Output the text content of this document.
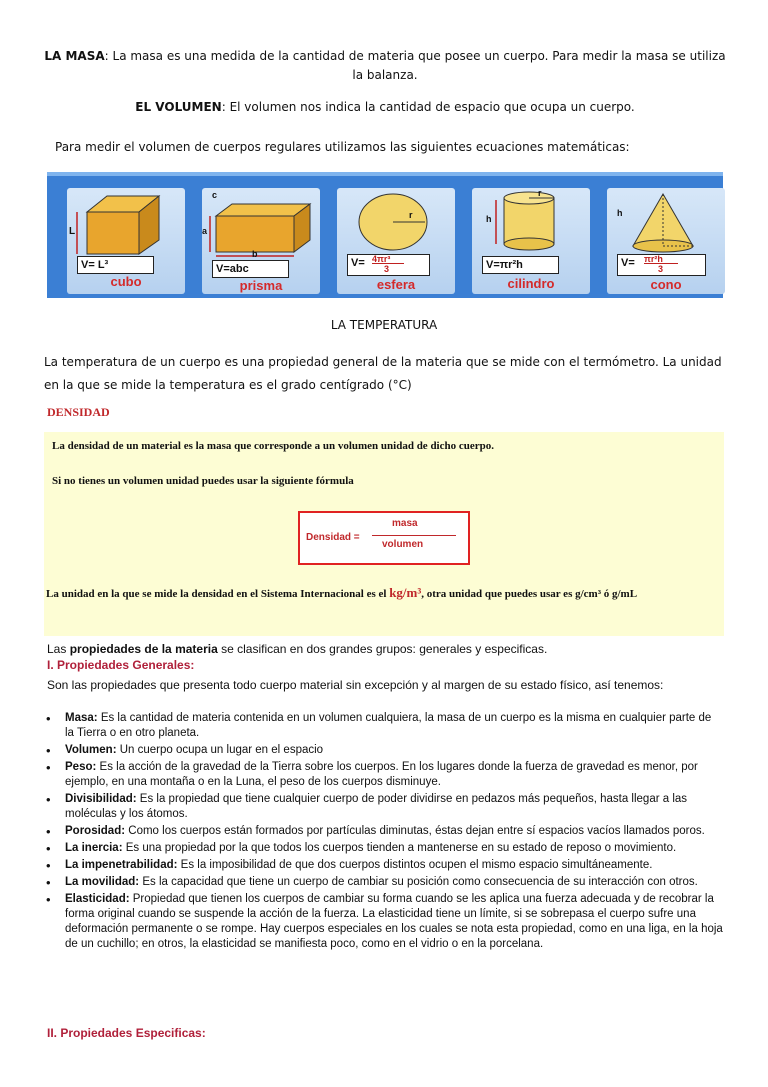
LA MASA: La masa es una medida de la cantidad de materia que posee un cuerpo. Para medir la masa se utiliza la balanza.
EL VOLUMEN: El volumen nos indica la cantidad de espacio que ocupa un cuerpo.
Para medir el volumen de cuerpos regulares utilizamos las siguientes ecuaciones matemáticas:
L
V= L³
cubo
c
a
b
V=abc
prisma
r
V= 4πr³
3
esfera
h
r
V=πr²h
cilindro
h
V= πr²h
3
cono
LA TEMPERATURA
La temperatura de un cuerpo es una propiedad general de la materia que se mide con el termómetro. La unidad en la que se mide la temperatura es el grado centígrado (°C)
DENSIDAD
La densidad de un material es la masa que corresponde a un volumen unidad de dicho cuerpo.
Si no tienes un volumen unidad puedes usar la siguiente fórmula
Densidad =
masa
volumen
La unidad en la que se mide la densidad en el Sistema Internacional es el kg/m³, otra unidad que puedes usar es g/cm³ ó g/mL
Las propiedades de la materia se clasifican en dos grandes grupos: generales y especificas.
I. Propiedades Generales:
Son las propiedades que presenta todo cuerpo material sin excepción y al margen de su estado físico, así tenemos:
• Masa: Es la cantidad de materia contenida en un volumen cualquiera, la masa de un cuerpo es la misma en cualquier parte de la Tierra o en otro planeta.
• Volumen: Un cuerpo ocupa un lugar en el espacio
• Peso: Es la acción de la gravedad de la Tierra sobre los cuerpos. En los lugares donde la fuerza de gravedad es menor, por ejemplo, en una montaña o en la Luna, el peso de los cuerpos disminuye.
• Divisibilidad: Es la propiedad que tiene cualquier cuerpo de poder dividirse en pedazos más pequeños, hasta llegar a las moléculas y los átomos.
• Porosidad: Como los cuerpos están formados por partículas diminutas, éstas dejan entre sí espacios vacíos llamados poros.
• La inercia: Es una propiedad por la que todos los cuerpos tienden a mantenerse en su estado de reposo o movimiento.
• La impenetrabilidad: Es la imposibilidad de que dos cuerpos distintos ocupen el mismo espacio simultáneamente.
• La movilidad: Es la capacidad que tiene un cuerpo de cambiar su posición como consecuencia de su interacción con otros.
• Elasticidad: Propiedad que tienen los cuerpos de cambiar su forma cuando se les aplica una fuerza adecuada y de recobrar la forma original cuando se suspende la acción de la fuerza. La elasticidad tiene un límite, si se sobrepasa el cuerpo sufre una deformación permanente o se rompe. Hay cuerpos especiales en los cuales se nota esta propiedad, como en una liga, en la hoja de un cuchillo; en otros, la elasticidad se manifiesta poco, como en el vidrio o en la porcelana.
II. Propiedades Especificas:
